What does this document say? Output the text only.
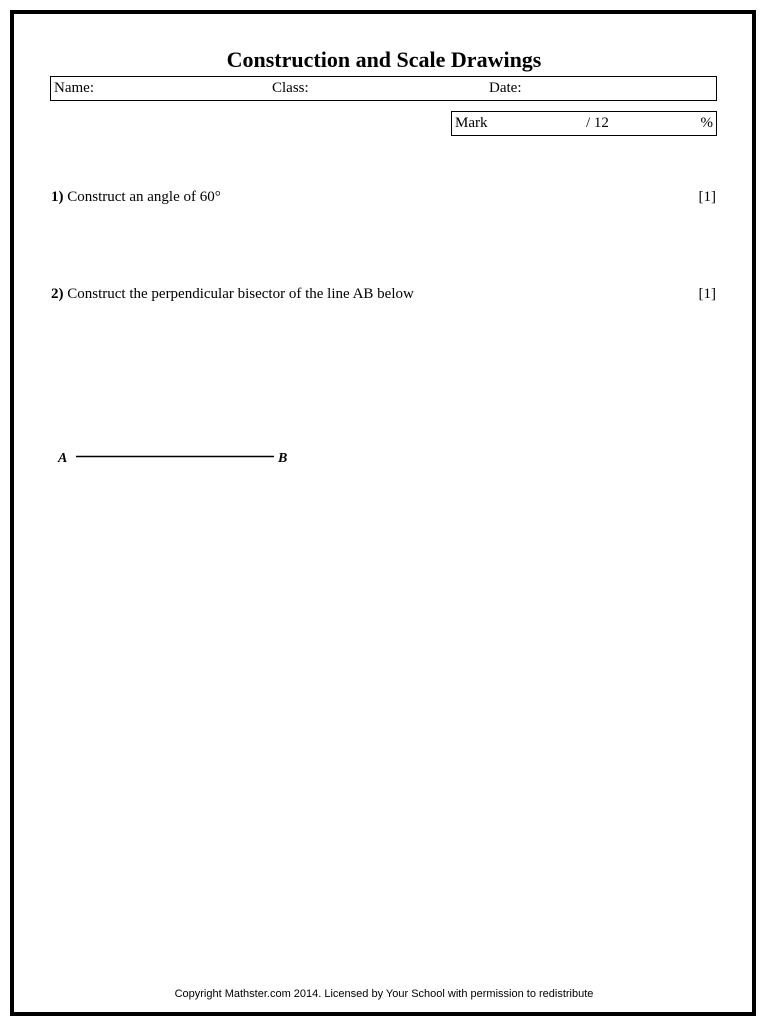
Construction and Scale Drawings
Name:	Class:	Date:
Mark	/ 12	%
1) Construct an angle of 60°	[1]
2) Construct the perpendicular bisector of the line AB below	[1]
A	B
Copyright Mathster.com 2014. Licensed by Your School with permission to redistribute
